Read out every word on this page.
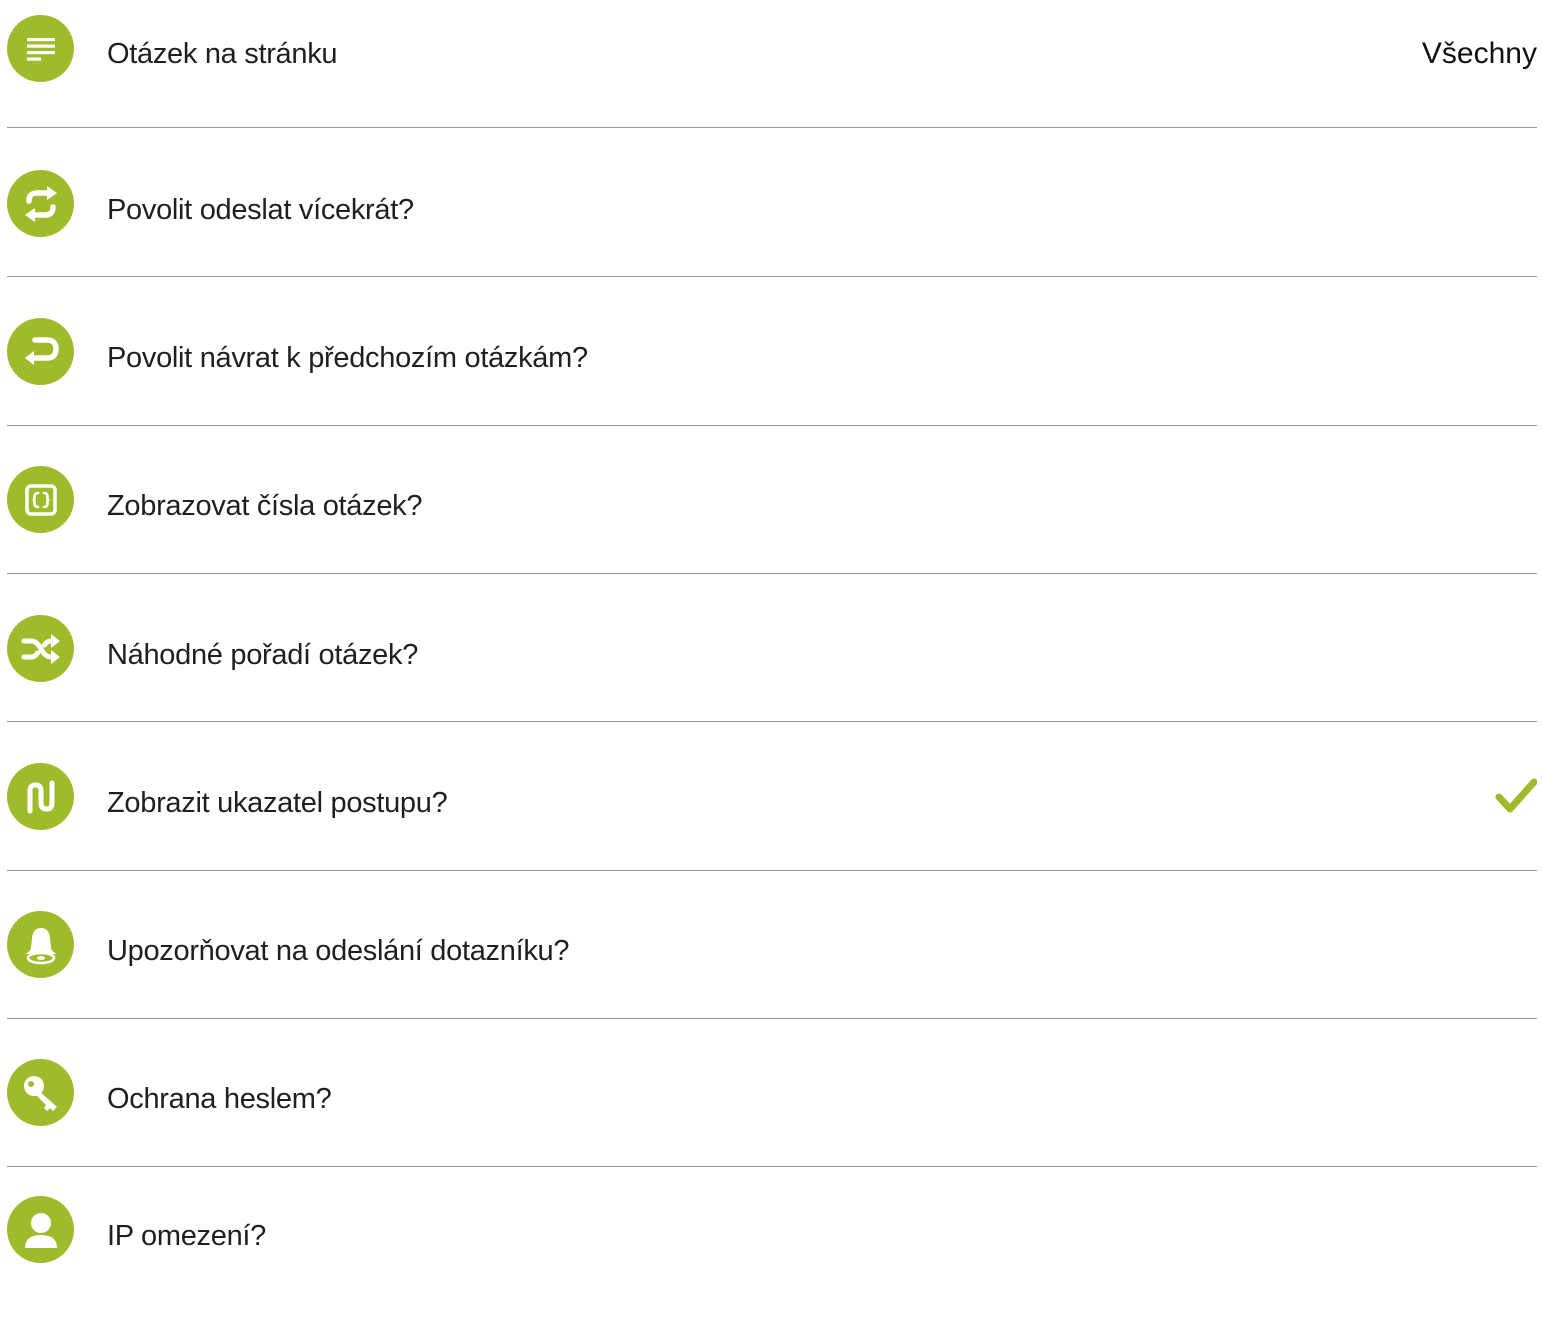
Otázek na stránku	Všechny
Povolit odeslat vícekrát?
Povolit návrat k předchozím otázkám?
Zobrazovat čísla otázek?
Náhodné pořadí otázek?
Zobrazit ukazatel postupu?
Upozorňovat na odeslání dotazníku?
Ochrana heslem?
IP omezení?
